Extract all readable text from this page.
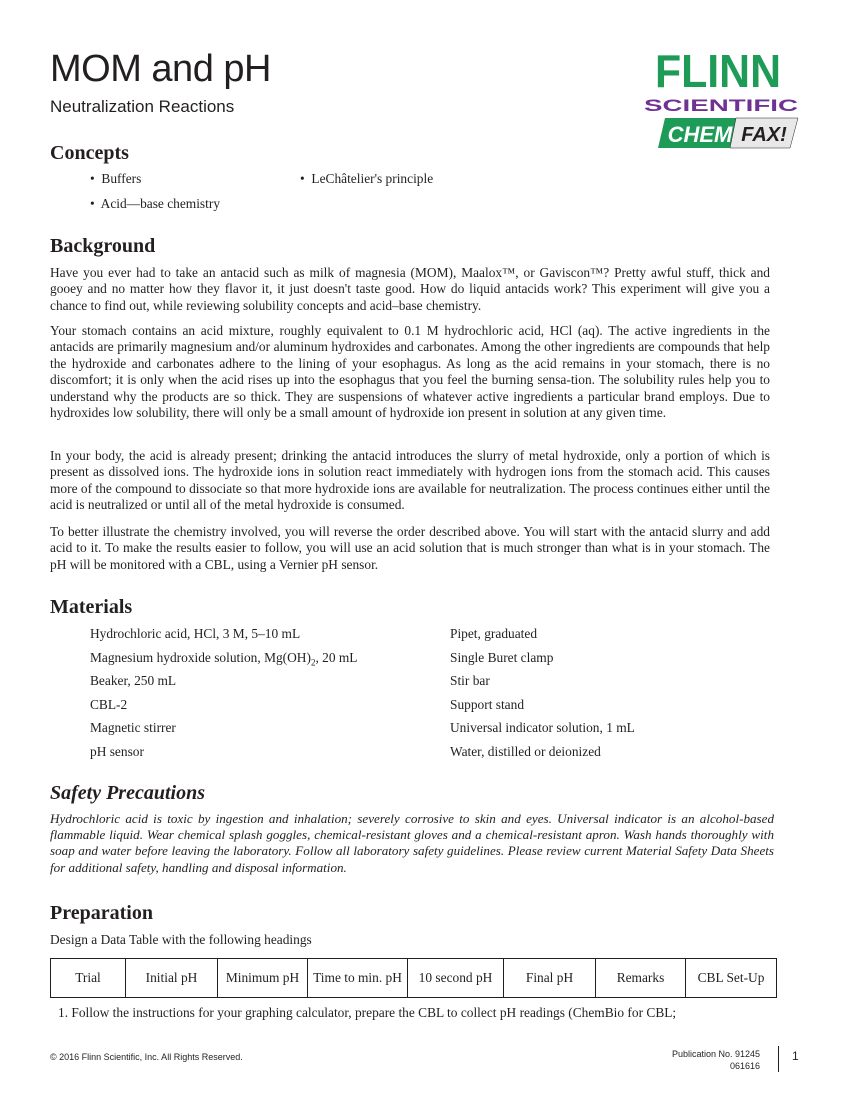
MOM and pH

Neutralization Reactions

FLINN
SCIENTIFIC
CHEM FAX!
Concepts
•  Buffers	•  LeChâtelier's principle
•  Acid—base chemistry
Background

Have you ever had to take an antacid such as milk of magnesia (MOM), Maalox™, or Gaviscon™? Pretty awful stuff, thick and gooey and no matter how they flavor it, it just doesn't taste good. How do liquid antacids work? This experiment will give you a chance to find out, while reviewing solubility concepts and acid–base chemistry.

Your stomach contains an acid mixture, roughly equivalent to 0.1 M hydrochloric acid, HCl (aq). The active ingredients in the antacids are primarily magnesium and/or aluminum hydroxides and carbonates. Among the other ingredients are compounds that help the hydroxide and carbonates adhere to the lining of your esophagus. As long as the acid remains in your stomach, there is no discomfort; it is only when the acid rises up into the esophagus that you feel the burning sensa-tion. The solubility rules help you to understand why the products are so thick. They are suspensions of whatever active ingredients a particular brand employs. Due to hydroxides low solubility, there will only be a small amount of hydroxide ion present in solution at any given time.

In your body, the acid is already present; drinking the antacid introduces the slurry of metal hydroxide, only a portion of which is present as dissolved ions. The hydroxide ions in solution react immediately with hydrogen ions from the stomach acid. This causes more of the compound to dissociate so that more hydroxide ions are available for neutralization. The process continues either until the acid is neutralized or until all of the metal hydroxide is consumed.

To better illustrate the chemistry involved, you will reverse the order described above. You will start with the antacid slurry and add acid to it. To make the results easier to follow, you will use an acid solution that is much stronger than what is in your stomach. The pH will be monitored with a CBL, using a Vernier pH sensor.

Materials
Hydrochloric acid, HCl, 3 M, 5–10 mL
Magnesium hydroxide solution, $Mg(OH)_2$, 20 mL
Beaker, 250 mL
CBL-2
Magnetic stirrer
pH sensor
Pipet, graduated
Single Buret clamp
Stir bar
Support stand
Universal indicator solution, 1 mL
Water, distilled or deionized
Safety Precautions

Hydrochloric acid is toxic by ingestion and inhalation; severely corrosive to skin and eyes. Universal indicator is an alcohol-based flammable liquid. Wear chemical splash goggles, chemical-resistant gloves and a chemical-resistant apron. Wash hands thoroughly with soap and water before leaving the laboratory. Follow all laboratory safety guidelines. Please review current Material Safety Data Sheets for additional safety, handling and disposal information.

Preparation
Design a Data Table with the following headings
Trial	Initial pH	Minimum pH	Time to min. pH	10 second pH	Final pH	Remarks	CBL Set-Up
1. Follow the instructions for your graphing calculator, prepare the CBL to collect pH readings (ChemBio for CBL;
© 2016 Flinn Scientific, Inc. All Rights Reserved.	Publication No. 91245
061616
1
